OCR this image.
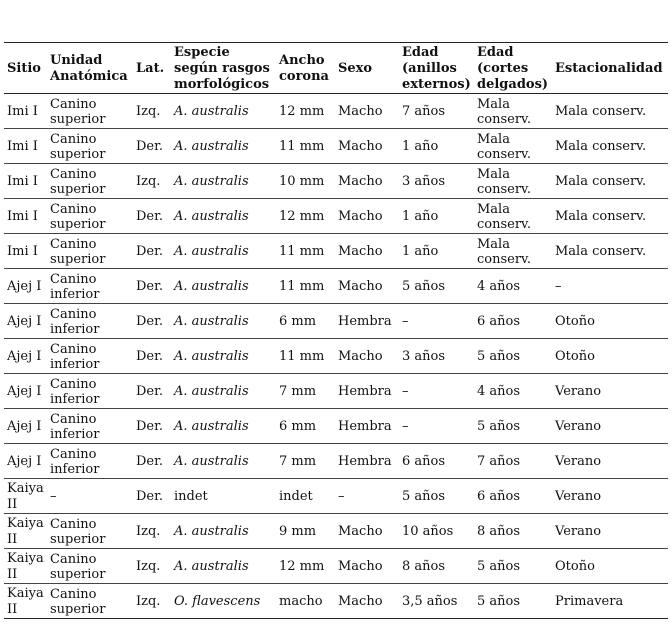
Sitio	Unidad Anatómica	Lat.	Especie según rasgos morfológicos	Ancho corona	Sexo	Edad (anillos externos)	Edad (cortes delgados)	Estacionalidad
Imi I	Canino superior	Izq.	A. australis	12 mm	Macho	7 años	Mala conserv.	Mala conserv.
Imi I	Canino superior	Der.	A. australis	11 mm	Macho	1 año	Mala conserv.	Mala conserv.
Imi I	Canino superior	Izq.	A. australis	10 mm	Macho	3 años	Mala conserv.	Mala conserv.
Imi I	Canino superior	Der.	A. australis	12 mm	Macho	1 año	Mala conserv.	Mala conserv.
Imi I	Canino superior	Der.	A. australis	11 mm	Macho	1 año	Mala conserv.	Mala conserv.
Ajej I	Canino inferior	Der.	A. australis	11 mm	Macho	5 años	4 años	–
Ajej I	Canino inferior	Der.	A. australis	6 mm	Hembra	–	6 años	Otoño
Ajej I	Canino inferior	Der.	A. australis	11 mm	Macho	3 años	5 años	Otoño
Ajej I	Canino inferior	Der.	A. australis	7 mm	Hembra	–	4 años	Verano
Ajej I	Canino inferior	Der.	A. australis	6 mm	Hembra	–	5 años	Verano
Ajej I	Canino inferior	Der.	A. australis	7 mm	Hembra	6 años	7 años	Verano
Kaiya II	–	Der.	indet	indet	–	5 años	6 años	Verano
Kaiya II	Canino superior	Izq.	A. australis	9 mm	Macho	10 años	8 años	Verano
Kaiya II	Canino superior	Izq.	A. australis	12 mm	Macho	8 años	5 años	Otoño
Kaiya II	Canino superior	Izq.	O. flavescens	macho	Macho	3,5 años	5 años	Primavera
